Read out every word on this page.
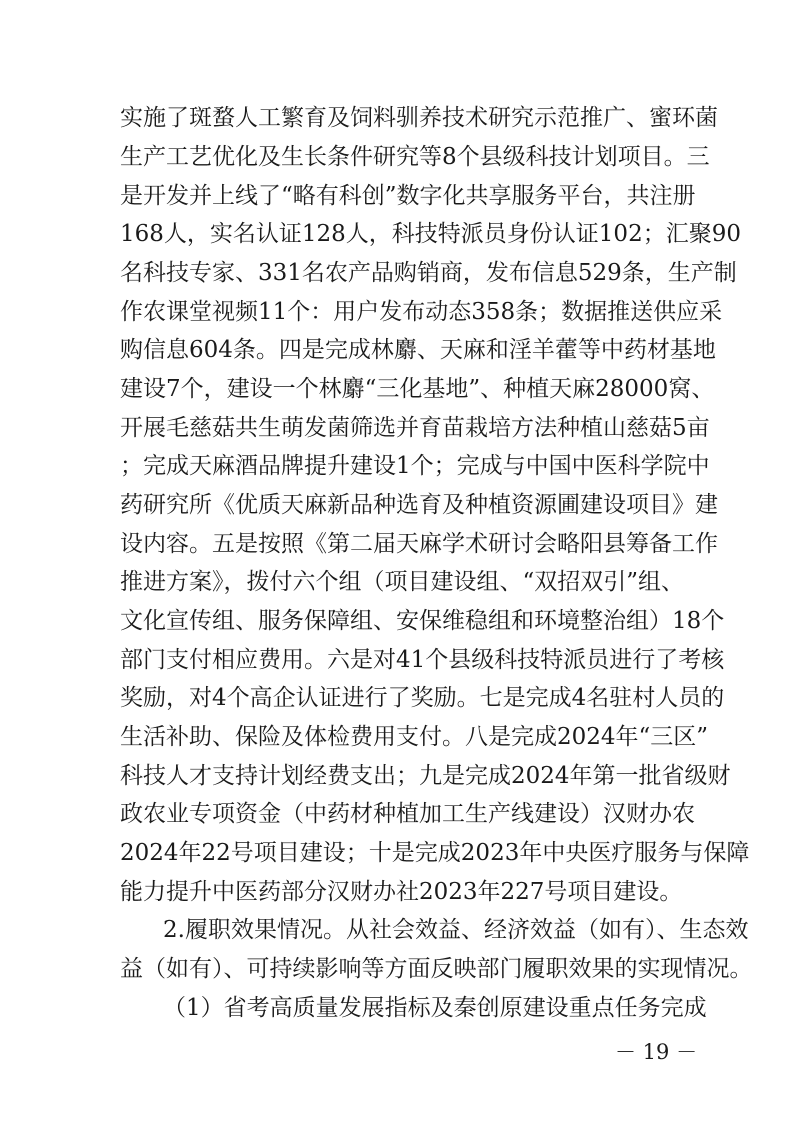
实施了斑蝥人工繁育及饲料驯养技术研究示范推广、蜜环菌
生产工艺优化及生长条件研究等8个县级科技计划项目。三
是开发并上线了“略有科创”数字化共享服务平台，共注册
168人，实名认证128人，科技特派员身份认证102；汇聚90
名科技专家、331名农产品购销商，发布信息529条，生产制
作农课堂视频11个：用户发布动态358条；数据推送供应采
购信息604条。四是完成林麝、天麻和淫羊藿等中药材基地
建设7个，建设一个林麝“三化基地”、种植天麻28000窝、
开展毛慈菇共生萌发菌筛选并育苗栽培方法种植山慈菇5亩
；完成天麻酒品牌提升建设1个；完成与中国中医科学院中
药研究所《优质天麻新品种选育及种植资源圃建设项目》建
设内容。五是按照《第二届天麻学术研讨会略阳县筹备工作
推进方案》，拨付六个组（项目建设组、“双招双引”组、
文化宣传组、服务保障组、安保维稳组和环境整治组）18个
部门支付相应费用。六是对41个县级科技特派员进行了考核
奖励，对4个高企认证进行了奖励。七是完成4名驻村人员的
生活补助、保险及体检费用支付。八是完成2024年“三区”
科技人才支持计划经费支出；九是完成2024年第一批省级财
政农业专项资金（中药材种植加工生产线建设）汉财办农
2024年22号项目建设；十是完成2023年中央医疗服务与保障
能力提升中医药部分汉财办社2023年227号项目建设。
2.履职效果情况。从社会效益、经济效益（如有）、生态效
益（如有）、可持续影响等方面反映部门履职效果的实现情况。
（1）省考高质量发展指标及秦创原建设重点任务完成
－ 19 －
